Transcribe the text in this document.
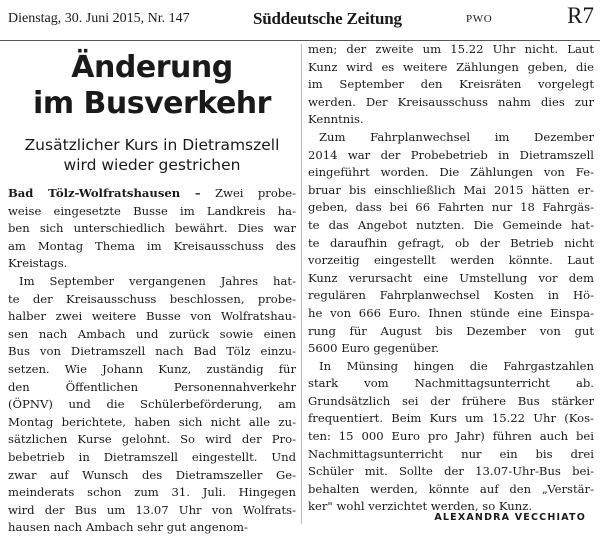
Dienstag, 30. Juni 2015, Nr. 147	Süddeutsche Zeitung	PWO	R7
Änderung
im Busverkehr
Zusätzlicher Kurs in Dietramszell
wird wieder gestrichen
Bad Tölz-Wolfratshausen – Zwei probe-
weise eingesetzte Busse im Landkreis ha-
ben sich unterschiedlich bewährt. Dies war
am Montag Thema im Kreisausschuss des
Kreistags.
Im September vergangenen Jahres hat-
te der Kreisausschuss beschlossen, probe-
halber zwei weitere Busse von Wolfratshau-
sen nach Ambach und zurück sowie einen
Bus von Dietramszell nach Bad Tölz einzu-
setzen. Wie Johann Kunz, zuständig für
den Öffentlichen Personennahverkehr
(ÖPNV) und die Schülerbeförderung, am
Montag berichtete, haben sich nicht alle zu-
sätzlichen Kurse gelohnt. So wird der Pro-
bebetrieb in Dietramszell eingestellt. Und
zwar auf Wunsch des Dietramszeller Ge-
meinderats schon zum 31. Juli. Hingegen
wird der Bus um 13.07 Uhr von Wolfrats-
hausen nach Ambach sehr gut angenom-
men; der zweite um 15.22 Uhr nicht. Laut
Kunz wird es weitere Zählungen geben, die
im September den Kreisräten vorgelegt
werden. Der Kreisausschuss nahm dies zur
Kenntnis.
Zum Fahrplanwechsel im Dezember
2014 war der Probebetrieb in Dietramszell
eingeführt worden. Die Zählungen von Fe-
bruar bis einschließlich Mai 2015 hätten er-
geben, dass bei 66 Fahrten nur 18 Fahrgäs-
te das Angebot nutzten. Die Gemeinde hat-
te daraufhin gefragt, ob der Betrieb nicht
vorzeitig eingestellt werden könnte. Laut
Kunz verursacht eine Umstellung vor dem
regulären Fahrplanwechsel Kosten in Hö-
he von 666 Euro. Ihnen stünde eine Einspa-
rung für August bis Dezember von gut
5600 Euro gegenüber.
In Münsing hingen die Fahrgastzahlen
stark vom Nachmittagsunterricht ab.
Grundsätzlich sei der frühere Bus stärker
frequentiert. Beim Kurs um 15.22 Uhr (Kos-
ten: 15 000 Euro pro Jahr) führen auch bei
Nachmittagsunterricht nur ein bis drei
Schüler mit. Sollte der 13.07-Uhr-Bus bei-
behalten werden, könnte auf den „Verstär-
ker" wohl verzichtet werden, so Kunz.
ALEXANDRA VECCHIATO
